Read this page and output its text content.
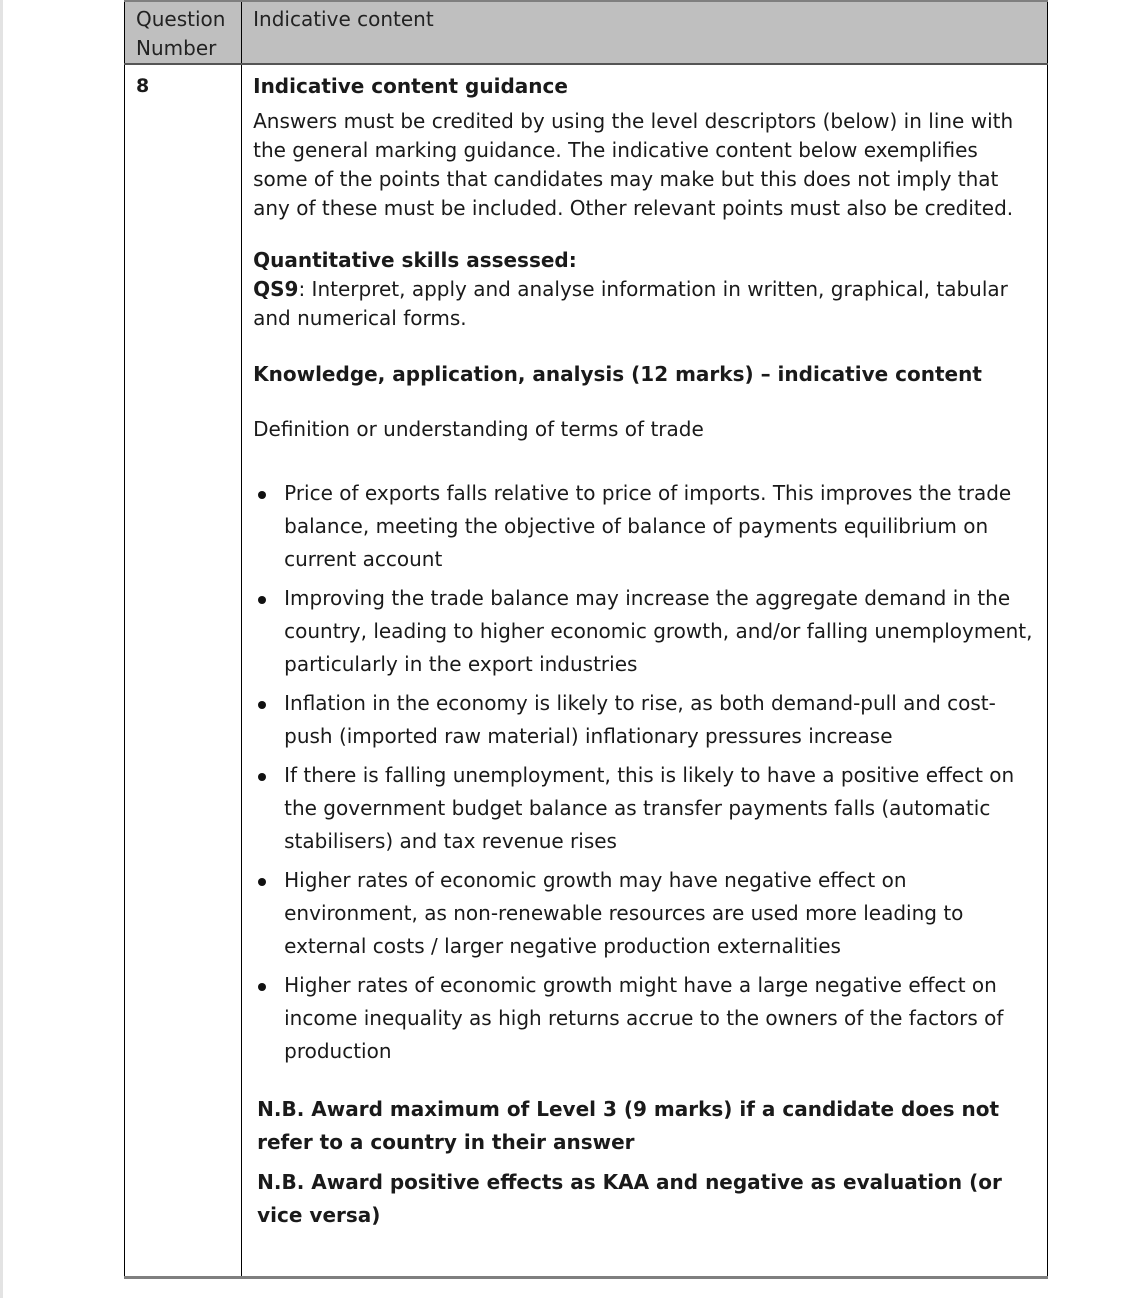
Question Number	Indicative content
8	Indicative content guidance

Answers must be credited by using the level descriptors (below) in line with the general marking guidance. The indicative content below exemplifies some of the points that candidates may make but this does not imply that any of these must be included. Other relevant points must also be credited.

Quantitative skills assessed:

QS9: Interpret, apply and analyse information in written, graphical, tabular and numerical forms.

Knowledge, application, analysis (12 marks) – indicative content

Definition or understanding of terms of trade

Price of exports falls relative to price of imports. This improves the trade balance, meeting the objective of balance of payments equilibrium on current account
Improving the trade balance may increase the aggregate demand in the country, leading to higher economic growth, and/or falling unemployment, particularly in the export industries
Inflation in the economy is likely to rise, as both demand-pull and cost-push (imported raw material) inflationary pressures increase
If there is falling unemployment, this is likely to have a positive effect on the government budget balance as transfer payments falls (automatic stabilisers) and tax revenue rises
Higher rates of economic growth may have negative effect on environment, as non-renewable resources are used more leading to external costs / larger negative production externalities
Higher rates of economic growth might have a large negative effect on income inequality as high returns accrue to the owners of the factors of production

N.B. Award maximum of Level 3 (9 marks) if a candidate does not refer to a country in their answer

N.B. Award positive effects as KAA and negative as evaluation (or vice versa)
